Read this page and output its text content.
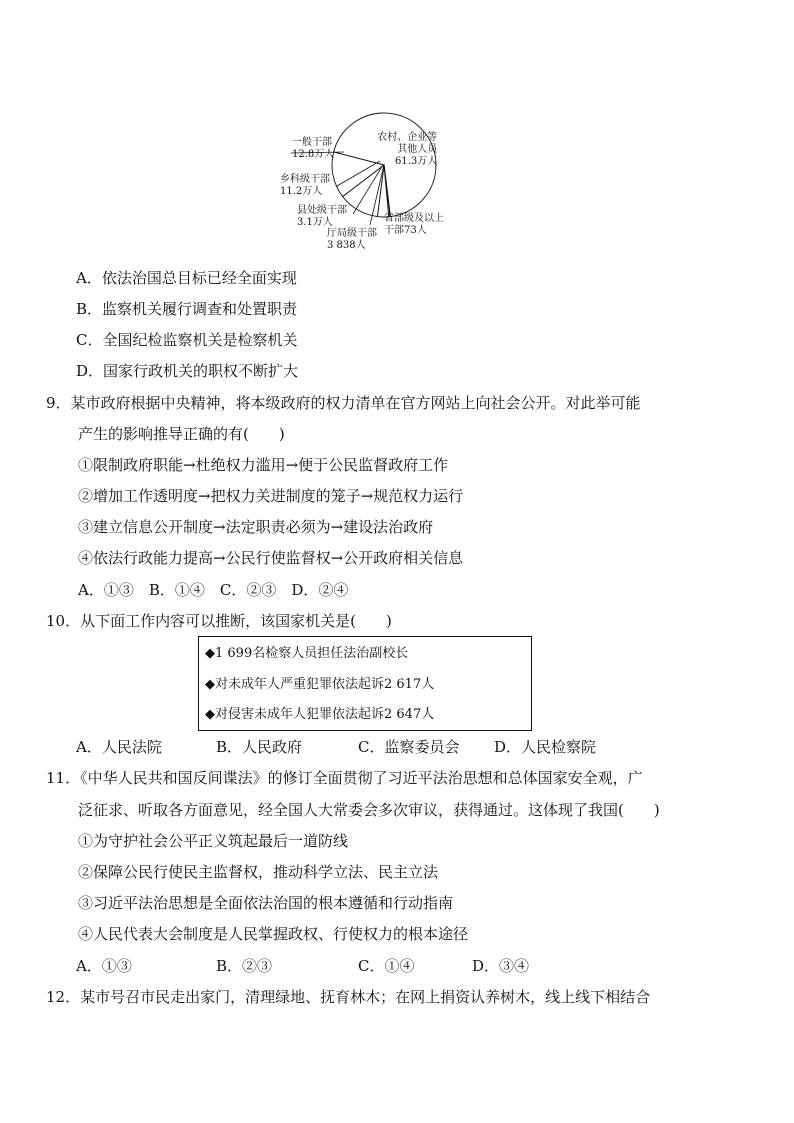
农村、企业等
其他人员
61.3万人
一般干部
12.8万人
乡科级干部
11.2万人
县处级干部
3.1万人
厅局级干部
3 838人
省部级及以上
干部73人
A．依法治国总目标已经全面实现
B．监察机关履行调查和处置职责
C．全国纪检监察机关是检察机关
D．国家行政机关的职权不断扩大
9．某市政府根据中央精神，将本级政府的权力清单在官方网站上向社会公开。对此举可能
产生的影响推导正确的有(　　)
①限制政府职能→杜绝权力滥用→便于公民监督政府工作
②增加工作透明度→把权力关进制度的笼子→规范权力运行
③建立信息公开制度→法定职责必须为→建设法治政府
④依法行政能力提高→公民行使监督权→公开政府相关信息
A．①③　B．①④　C．②③　D．②④
10．从下面工作内容可以推断，该国家机关是(　　)
◆1 699名检察人员担任法治副校长
◆对未成年人严重犯罪依法起诉2 617人
◆对侵害未成年人犯罪依法起诉2 647人
A．人民法院	B．人民政府	C．监察委员会 D．人民检察院
11．《中华人民共和国反间谍法》的修订全面贯彻了习近平法治思想和总体国家安全观，广
泛征求、听取各方面意见，经全国人大常委会多次审议，获得通过。这体现了我国(　　)
①为守护社会公平正义筑起最后一道防线
②保障公民行使民主监督权，推动科学立法、民主立法
③习近平法治思想是全面依法治国的根本遵循和行动指南
④人民代表大会制度是人民掌握政权、行使权力的根本途径
A．①③	B．②③	C．①④	D．③④
12．某市号召市民走出家门，清理绿地、抚育林木；在网上捐资认养树木，线上线下相结合
